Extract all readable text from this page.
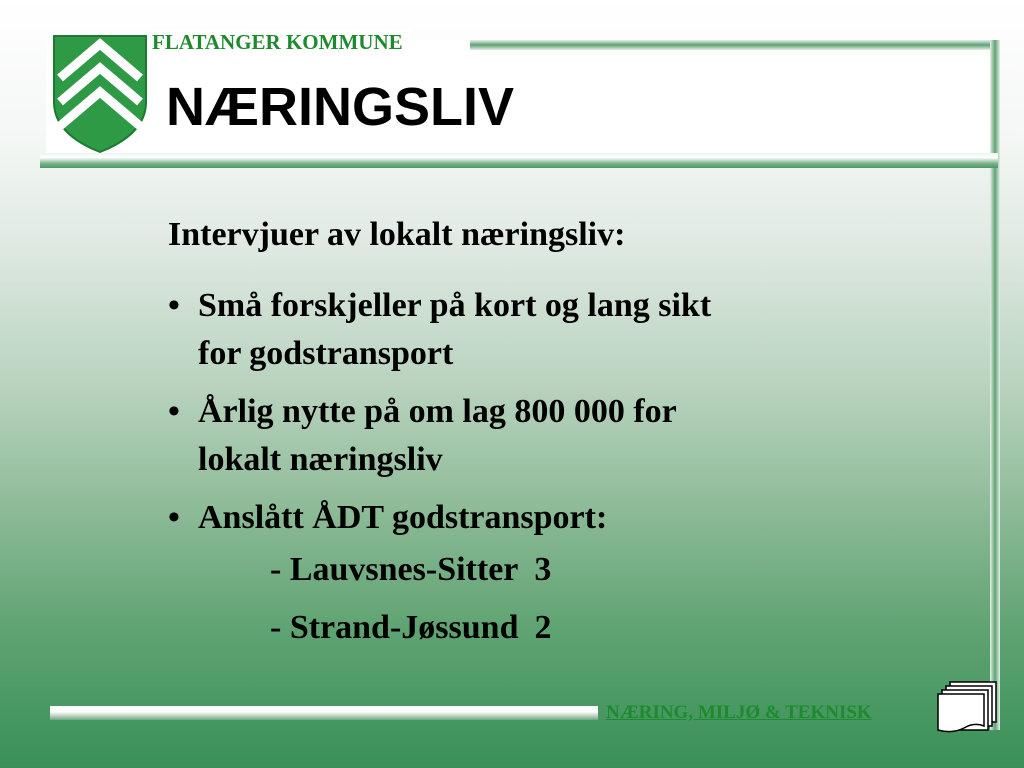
FLATANGER KOMMUNE
NÆRINGSLIV
Intervjuer av lokalt næringsliv:
• Små forskjeller på kort og lang sikt
for godstransport
• Årlig nytte på om lag 800 000 for
lokalt næringsliv
• Anslått ÅDT godstransport:
- Lauvsnes-Sitter 3
- Strand-Jøssund 2
NÆRING, MILJØ & TEKNISK
